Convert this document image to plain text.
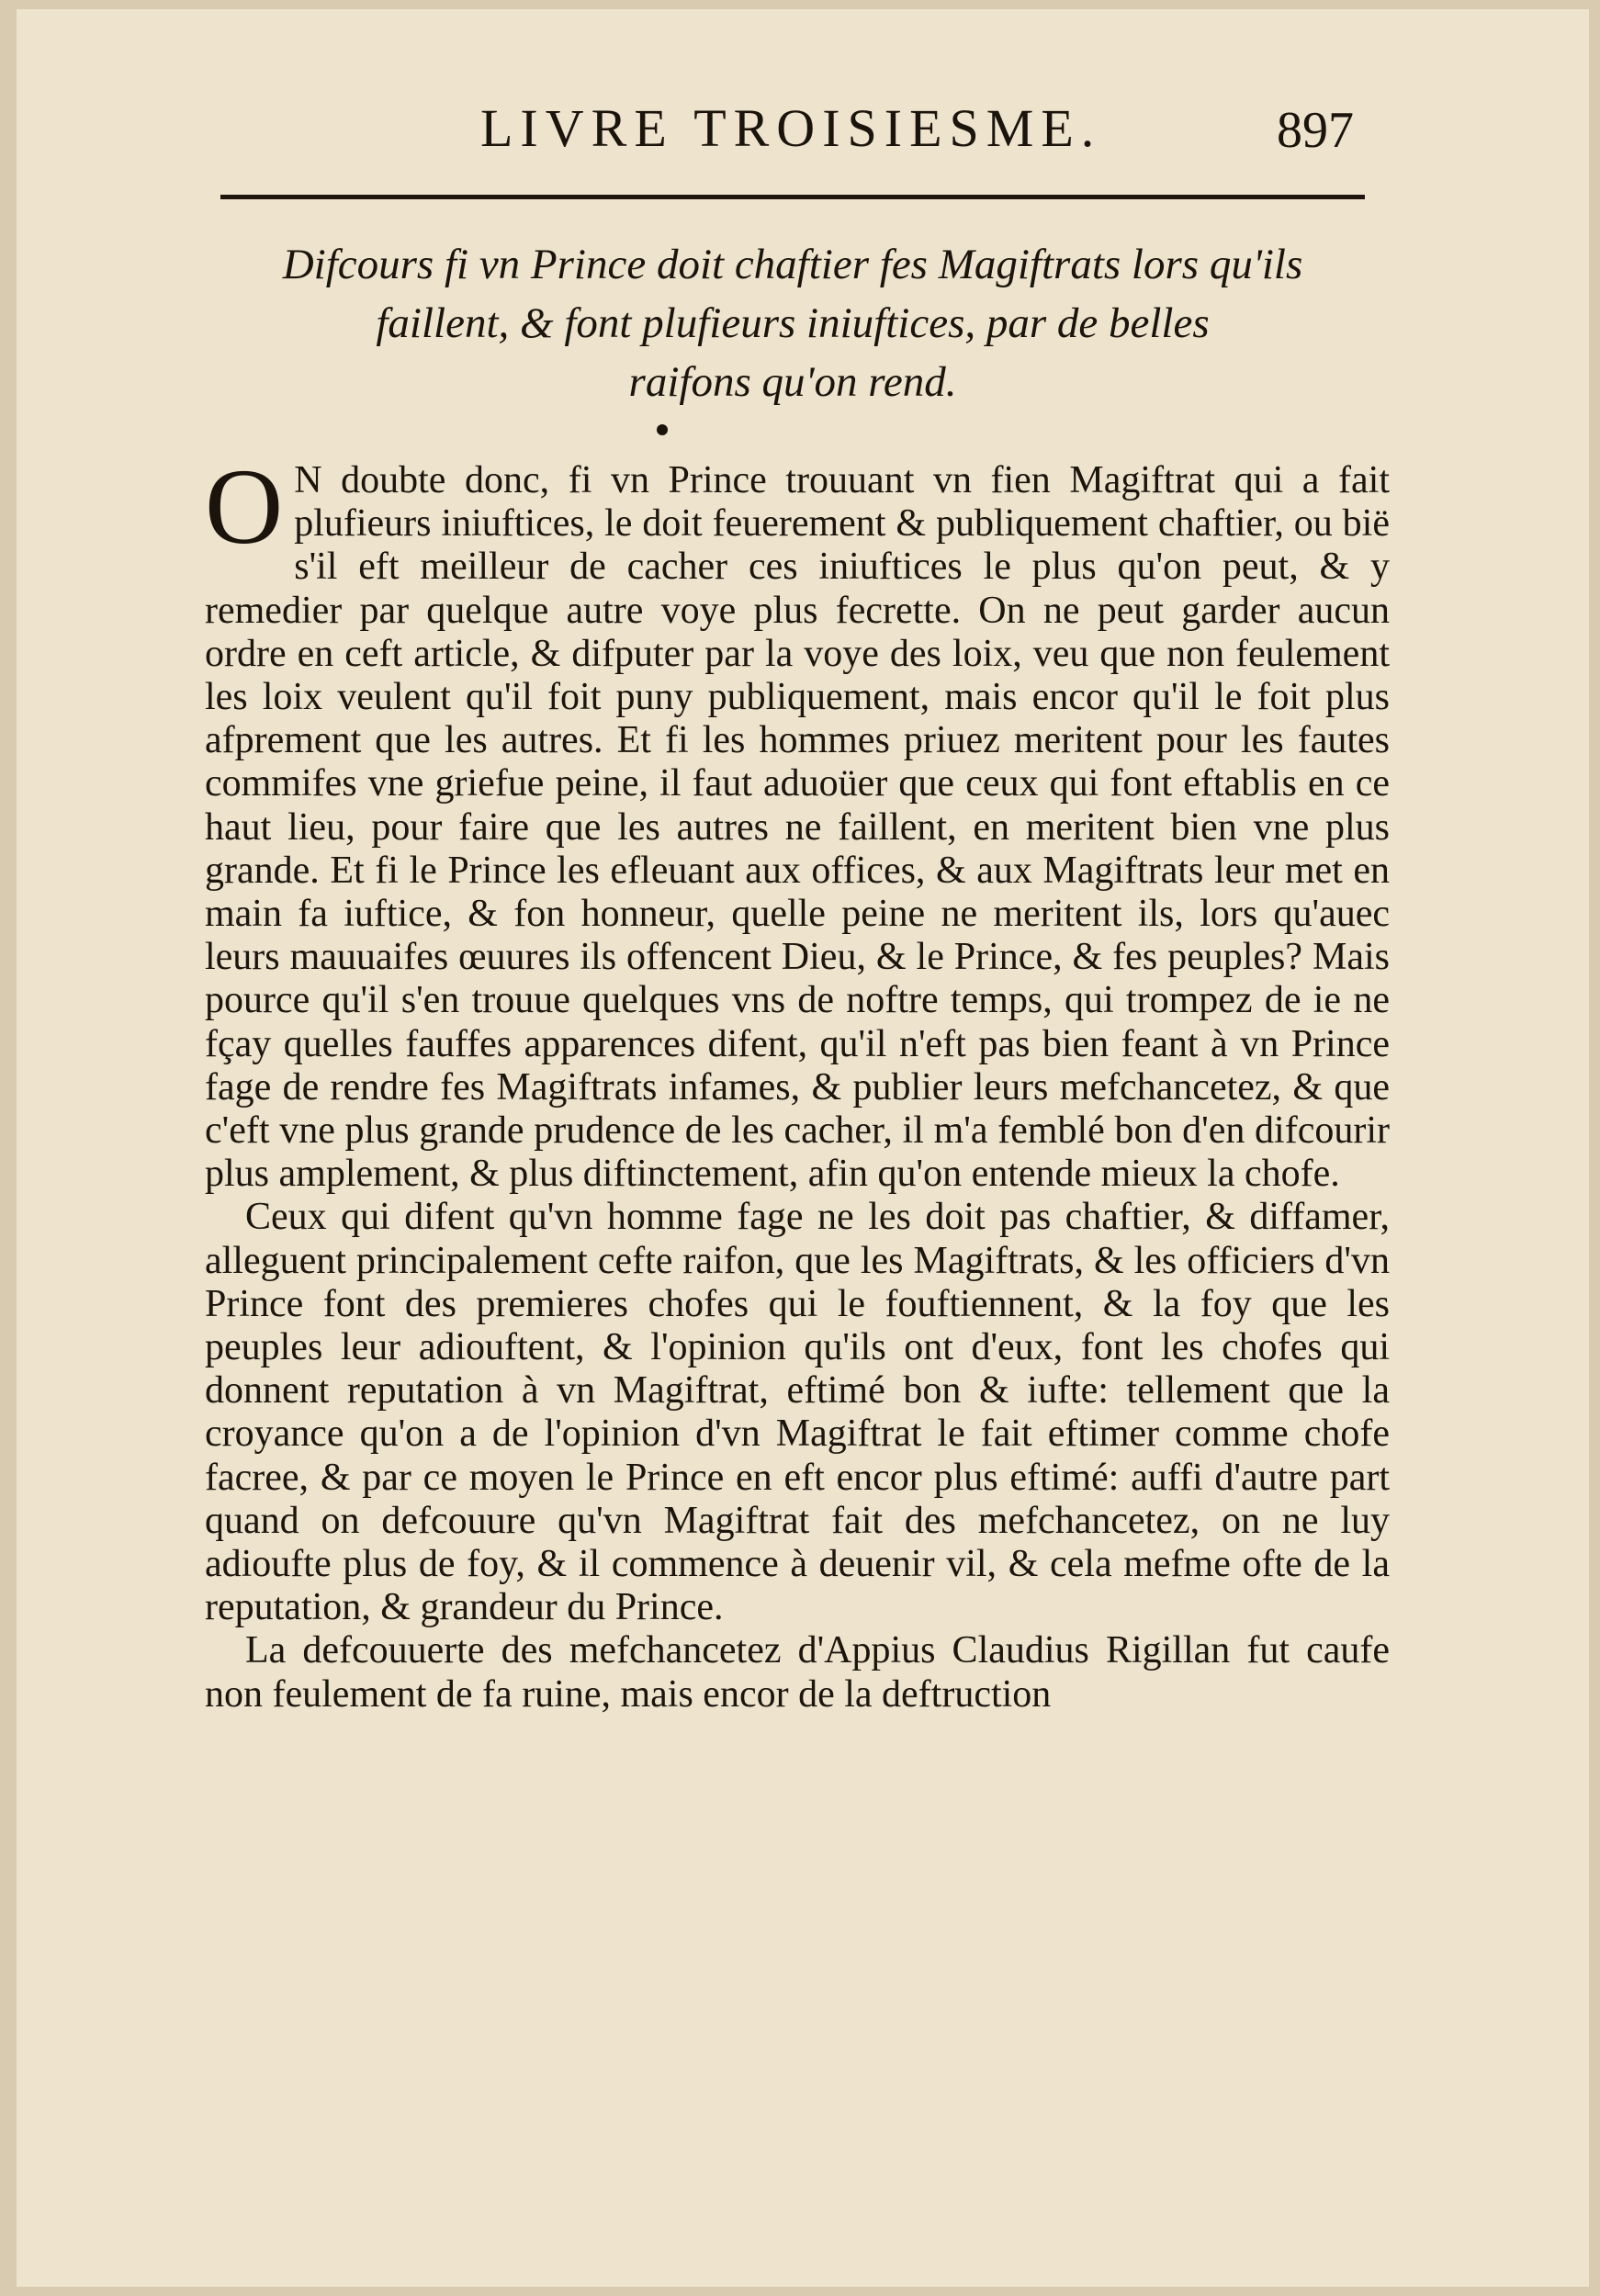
LIVRE TROISIESME.	897
Difcours fi vn Prince doit chaftier fes Magiftrats lors qu'ils
faillent, & font plufieurs iniuftices, par de belles
raifons qu'on rend.

O N doubte donc, fi vn Prince trouuant vn fien Magiftrat qui a fait plufieurs iniuftices, le doit feuerement & publiquement chaftier, ou bië s'il eft meilleur de cacher ces iniuftices le plus qu'on peut, & y remedier par quelque autre voye plus fecrette. On ne peut garder aucun ordre en ceft article, & difputer par la voye des loix, veu que non feulement les loix veulent qu'il foit puny publiquement, mais encor qu'il le foit plus afprement que les autres. Et fi les hommes priuez meritent pour les fautes commifes vne griefue peine, il faut aduoüer que ceux qui font eftablis en ce haut lieu, pour faire que les autres ne faillent, en meritent bien vne plus grande. Et fi le Prince les efleuant aux offices, & aux Magiftrats leur met en main fa iuftice, & fon honneur, quelle peine ne meritent ils, lors qu'auec leurs mauuaifes œuures ils offencent Dieu, & le Prince, & fes peuples? Mais pource qu'il s'en trouue quelques vns de noftre temps, qui trompez de ie ne fçay quelles fauffes apparences difent, qu'il n'eft pas bien feant à vn Prince fage de rendre fes Magiftrats infames, & publier leurs mefchancetez, & que c'eft vne plus grande prudence de les cacher, il m'a femblé bon d'en difcourir plus amplement, & plus diftinctement, afin qu'on entende mieux la chofe.

Ceux qui difent qu'vn homme fage ne les doit pas chaftier, & diffamer, alleguent principalement cefte raifon, que les Magiftrats, & les officiers d'vn Prince font des premieres chofes qui le fouftiennent, & la foy que les peuples leur adiouftent, & l'opinion qu'ils ont d'eux, font les chofes qui donnent reputation à vn Magiftrat, eftimé bon & iufte: tellement que la croyance qu'on a de l'opinion d'vn Magiftrat le fait eftimer comme chofe facree, & par ce moyen le Prince en eft encor plus eftimé: auffi d'autre part quand on defcouure qu'vn Magiftrat fait des mefchancetez, on ne luy adioufte plus de foy, & il commence à deuenir vil, & cela mefme ofte de la reputation, & grandeur du Prince.

La defcouuerte des mefchancetez d'Appius Claudius Rigillan fut caufe non feulement de fa ruine, mais encor de la deftruction
